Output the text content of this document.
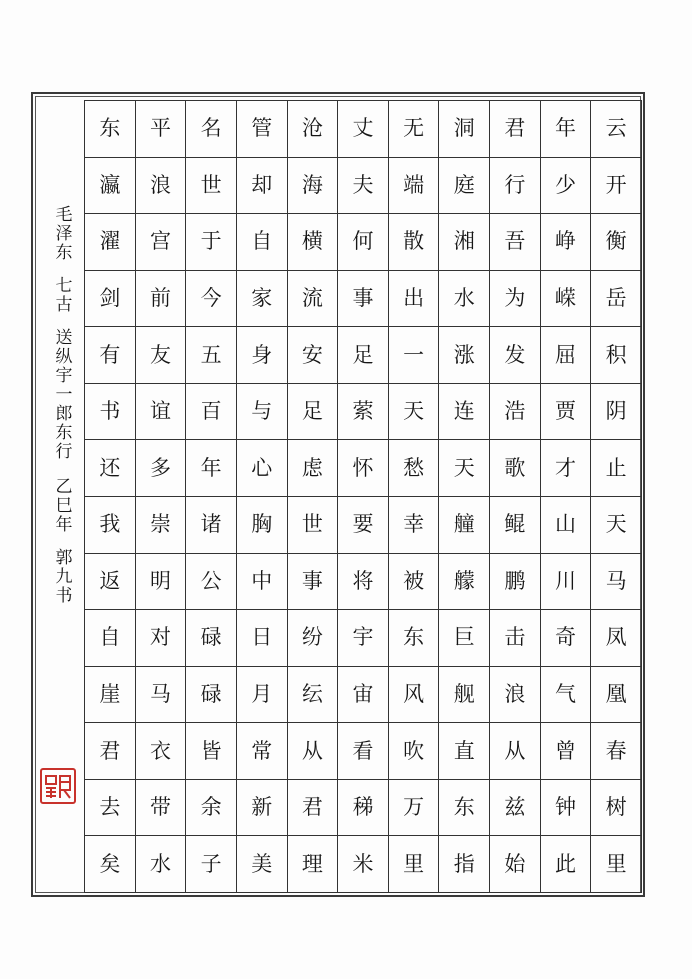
毛泽东
七古
送纵宇一郎东行
乙巳年
郭九书
东	平	名	管	沧	丈	无	洞	君	年	云
瀛	浪	世	却	海	夫	端	庭	行	少	开
濯	宫	于	自	横	何	散	湘	吾	峥	衡
剑	前	今	家	流	事	出	水	为	嵘	岳
有	友	五	身	安	足	一	涨	发	屈	积
书	谊	百	与	足	萦	天	连	浩	贾	阴
还	多	年	心	虑	怀	愁	天	歌	才	止
我	崇	诸	胸	世	要	幸	艟	鲲	山	天
返	明	公	中	事	将	被	艨	鹏	川	马
自	对	碌	日	纷	宇	东	巨	击	奇	凤
崖	马	碌	月	纭	宙	风	舰	浪	气	凰
君	衣	皆	常	从	看	吹	直	从	曾	春
去	带	余	新	君	稊	万	东	兹	钟	树
矣	水	子	美	理	米	里	指	始	此	里
